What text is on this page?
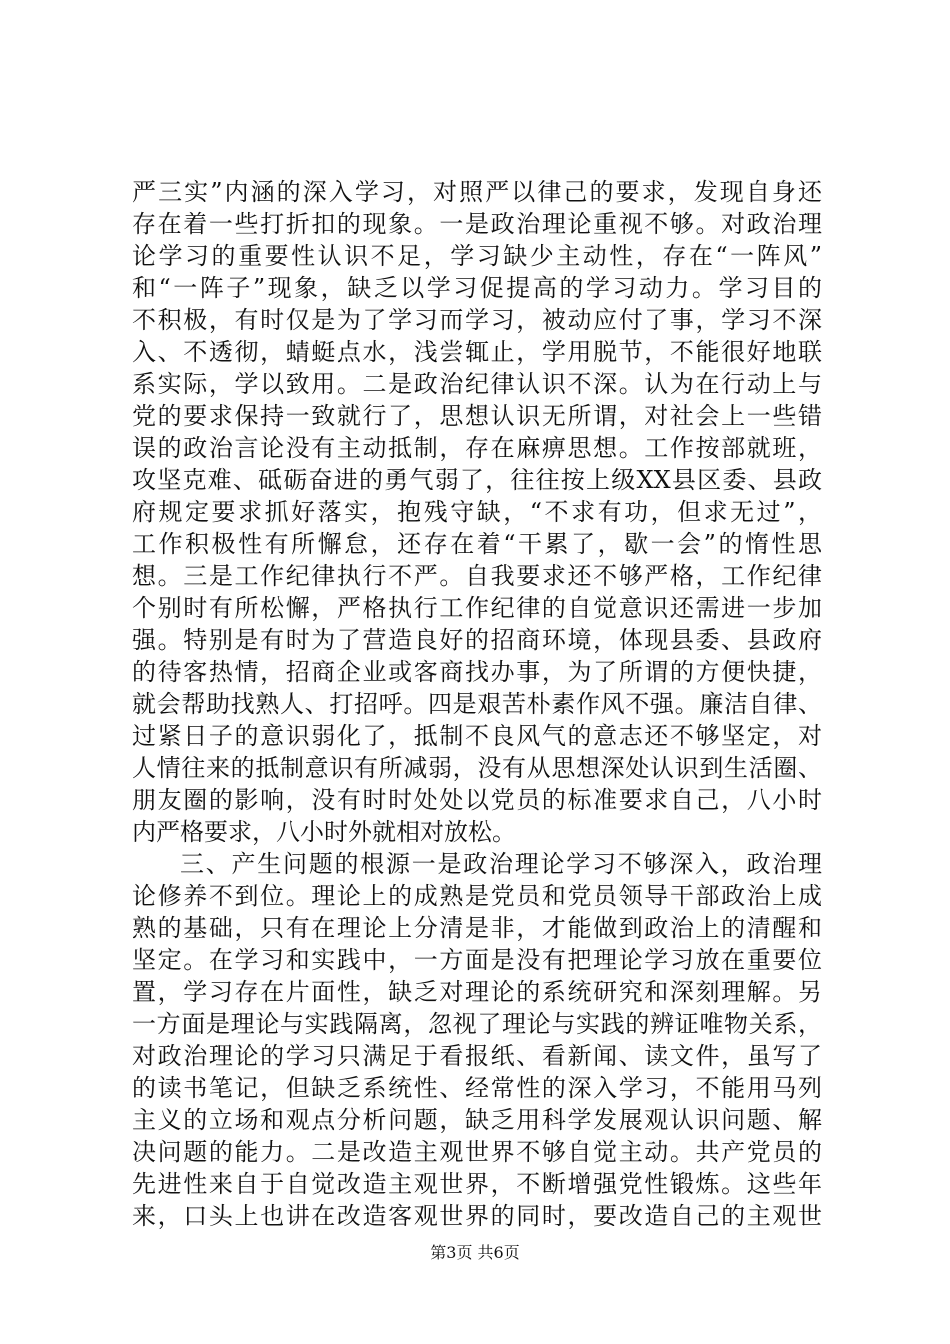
严三实”内涵的深入学习，对照严以律己的要求，发现自身还
存在着一些打折扣的现象。一是政治理论重视不够。对政治理
论学习的重要性认识不足，学习缺少主动性，存在“一阵风”
和“一阵子”现象，缺乏以学习促提高的学习动力。学习目的
不积极，有时仅是为了学习而学习，被动应付了事，学习不深
入、不透彻，蜻蜓点水，浅尝辄止，学用脱节，不能很好地联
系实际，学以致用。二是政治纪律认识不深。认为在行动上与
党的要求保持一致就行了，思想认识无所谓，对社会上一些错
误的政治言论没有主动抵制，存在麻痹思想。工作按部就班，
攻坚克难、砥砺奋进的勇气弱了，往往按上级XX县区委、县政
府规定要求抓好落实，抱残守缺，“不求有功，但求无过”，
工作积极性有所懈怠，还存在着“干累了，歇一会”的惰性思
想。三是工作纪律执行不严。自我要求还不够严格，工作纪律
个别时有所松懈，严格执行工作纪律的自觉意识还需进一步加
强。特别是有时为了营造良好的招商环境，体现县委、县政府
的待客热情，招商企业或客商找办事，为了所谓的方便快捷，
就会帮助找熟人、打招呼。四是艰苦朴素作风不强。廉洁自律、
过紧日子的意识弱化了，抵制不良风气的意志还不够坚定，对
人情往来的抵制意识有所减弱，没有从思想深处认识到生活圈、
朋友圈的影响，没有时时处处以党员的标准要求自己，八小时
内严格要求，八小时外就相对放松。
三、产生问题的根源一是政治理论学习不够深入，政治理
论修养不到位。理论上的成熟是党员和党员领导干部政治上成
熟的基础，只有在理论上分清是非，才能做到政治上的清醒和
坚定。在学习和实践中，一方面是没有把理论学习放在重要位
置，学习存在片面性，缺乏对理论的系统研究和深刻理解。另
一方面是理论与实践隔离，忽视了理论与实践的辨证唯物关系，
对政治理论的学习只满足于看报纸、看新闻、读文件，虽写了
的读书笔记，但缺乏系统性、经常性的深入学习，不能用马列
主义的立场和观点分析问题，缺乏用科学发展观认识问题、解
决问题的能力。二是改造主观世界不够自觉主动。共产党员的
先进性来自于自觉改造主观世界，不断增强党性锻炼。这些年
来，口头上也讲在改造客观世界的同时，要改造自己的主观世
第3页 共6页
